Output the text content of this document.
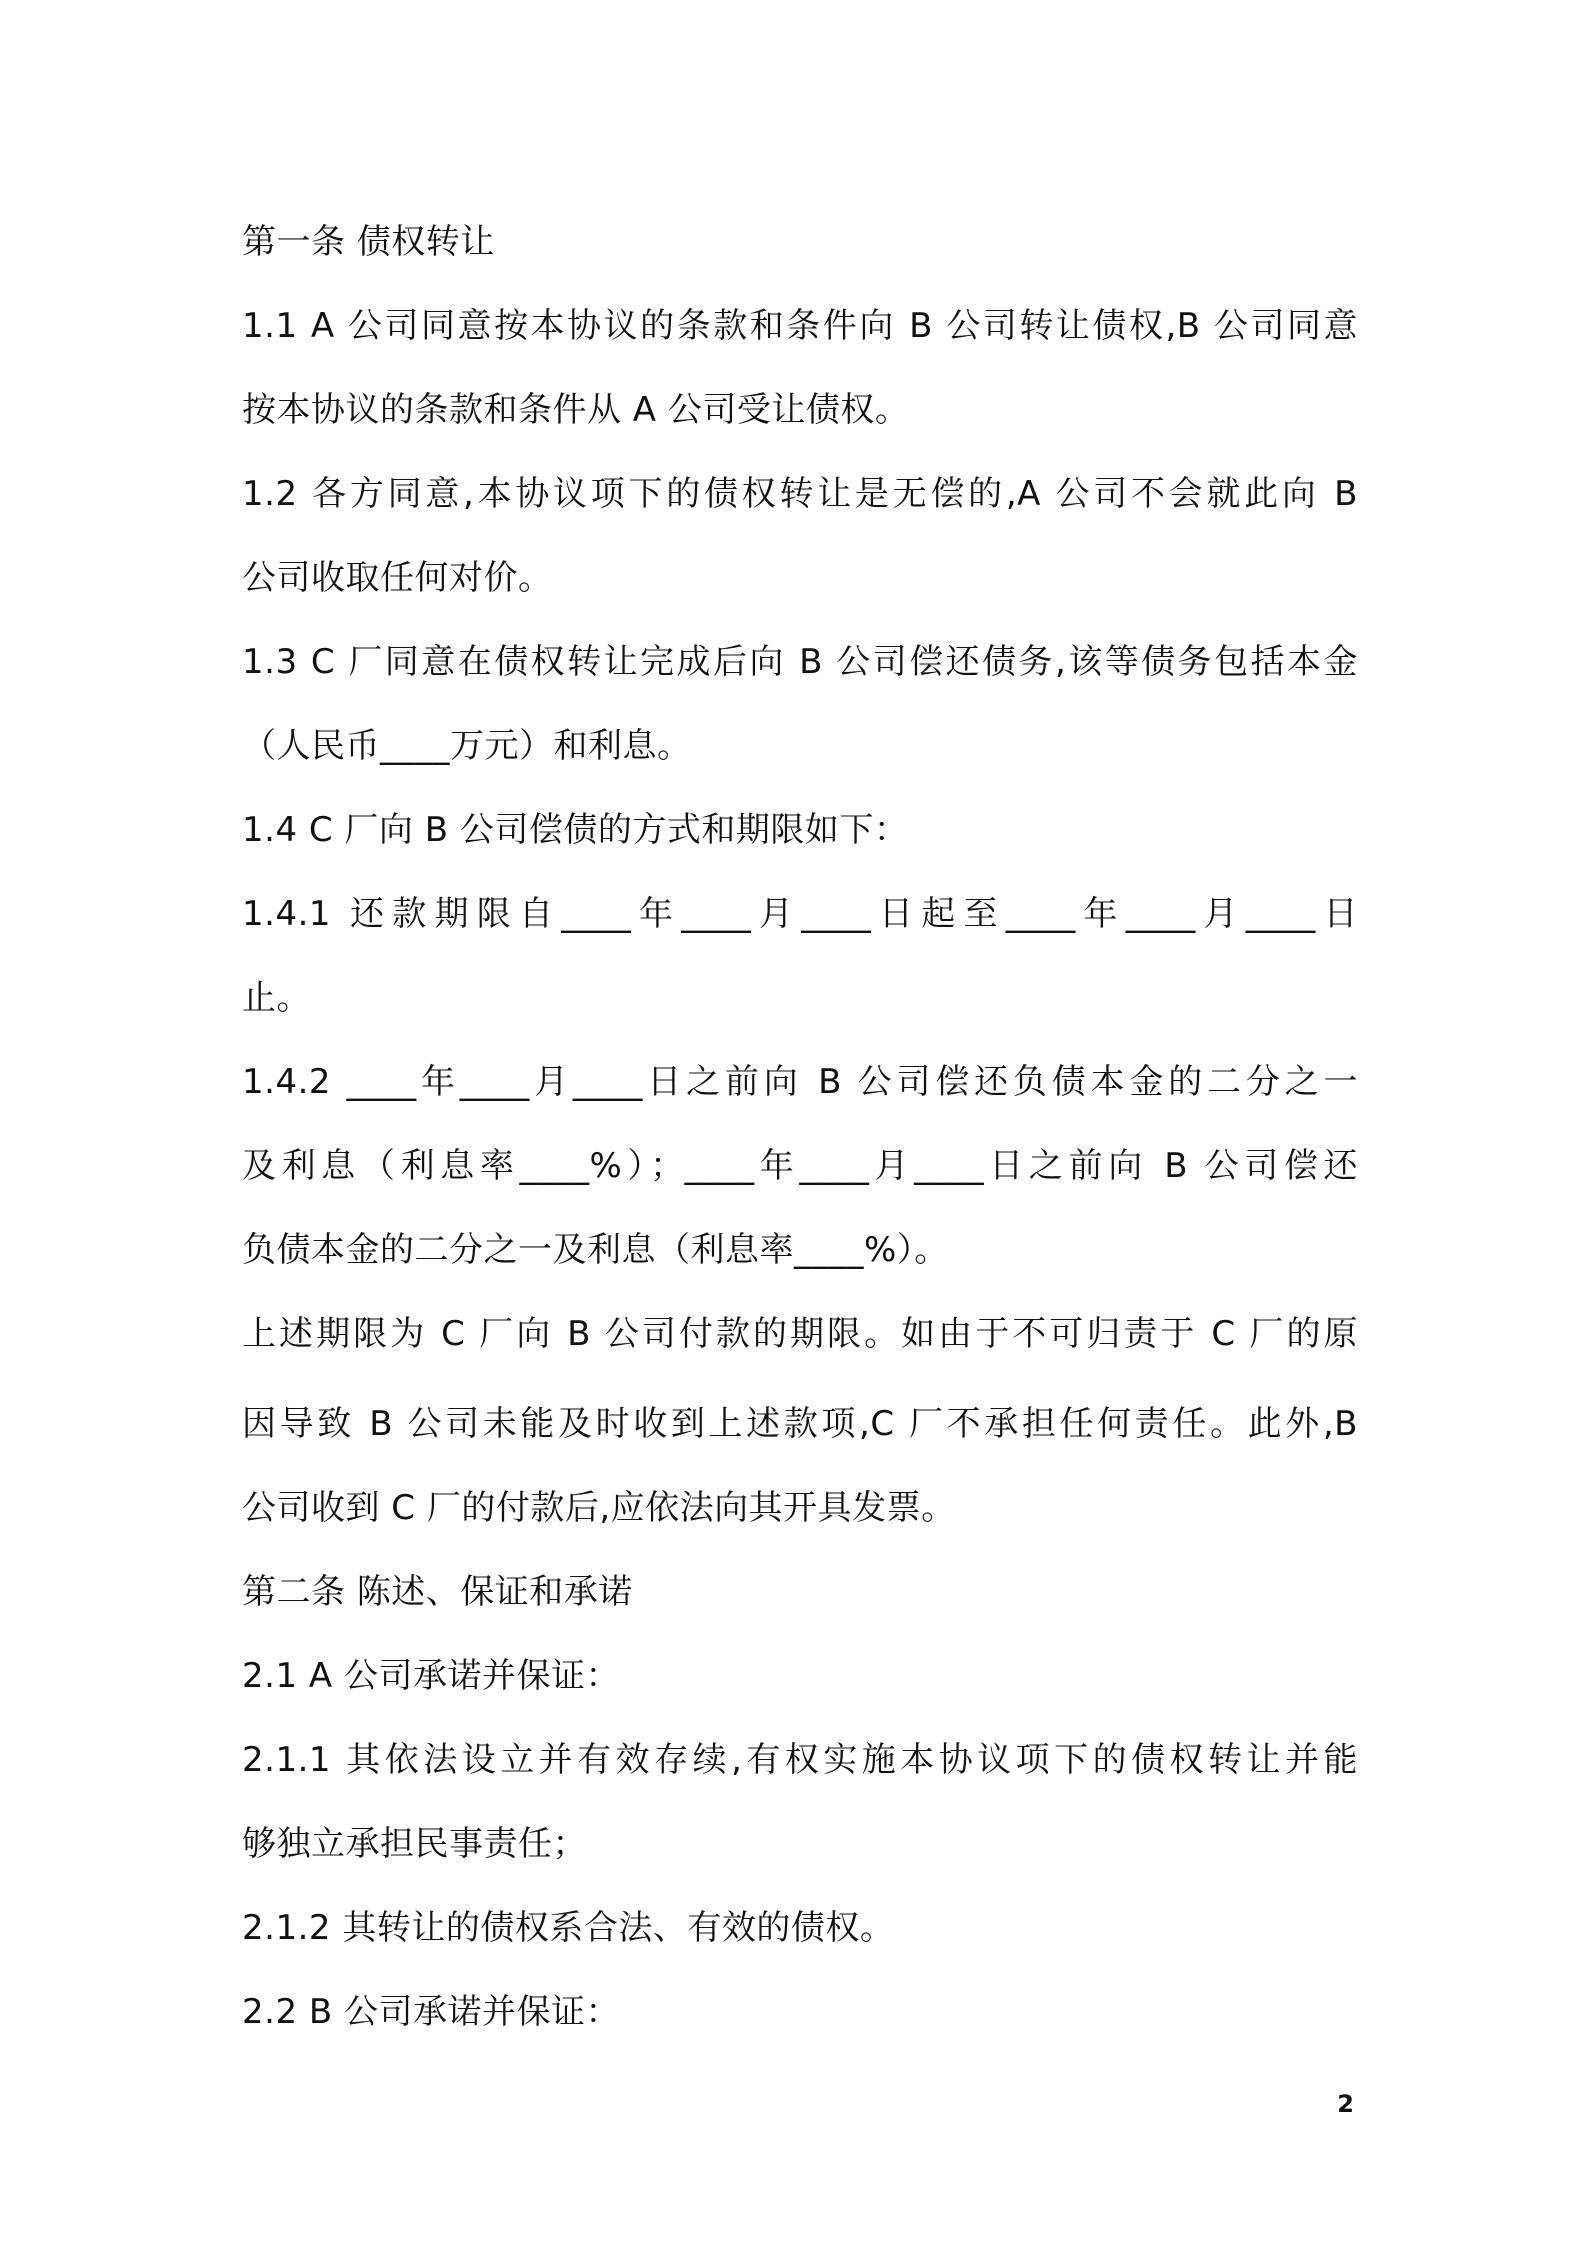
第一条 债权转让
1.1 A 公司同意按本协议的条款和条件向 B 公司转让债权,B 公司同意
按本协议的条款和条件从 A 公司受让债权。
1.2 各方同意,本协议项下的债权转让是无偿的,A 公司不会就此向 B
公司收取任何对价。
1.3 C 厂同意在债权转让完成后向 B 公司偿还债务,该等债务包括本金
（人民币____万元）和利息。
1.4 C 厂向 B 公司偿债的方式和期限如下：
1.4.1 还款期限自____年____月____日起至____年____月____日
止。
1.4.2 ____年____月____日之前向 B 公司偿还负债本金的二分之一
及利息（利息率____%）；____年____月____日之前向 B 公司偿还
负债本金的二分之一及利息（利息率____%）。
上述期限为 C 厂向 B 公司付款的期限。如由于不可归责于 C 厂的原
因导致 B 公司未能及时收到上述款项,C 厂不承担任何责任。此外,B
公司收到 C 厂的付款后,应依法向其开具发票。
第二条 陈述、保证和承诺
2.1 A 公司承诺并保证：
2.1.1 其依法设立并有效存续,有权实施本协议项下的债权转让并能
够独立承担民事责任；
2.1.2 其转让的债权系合法、有效的债权。
2.2 B 公司承诺并保证：
2
